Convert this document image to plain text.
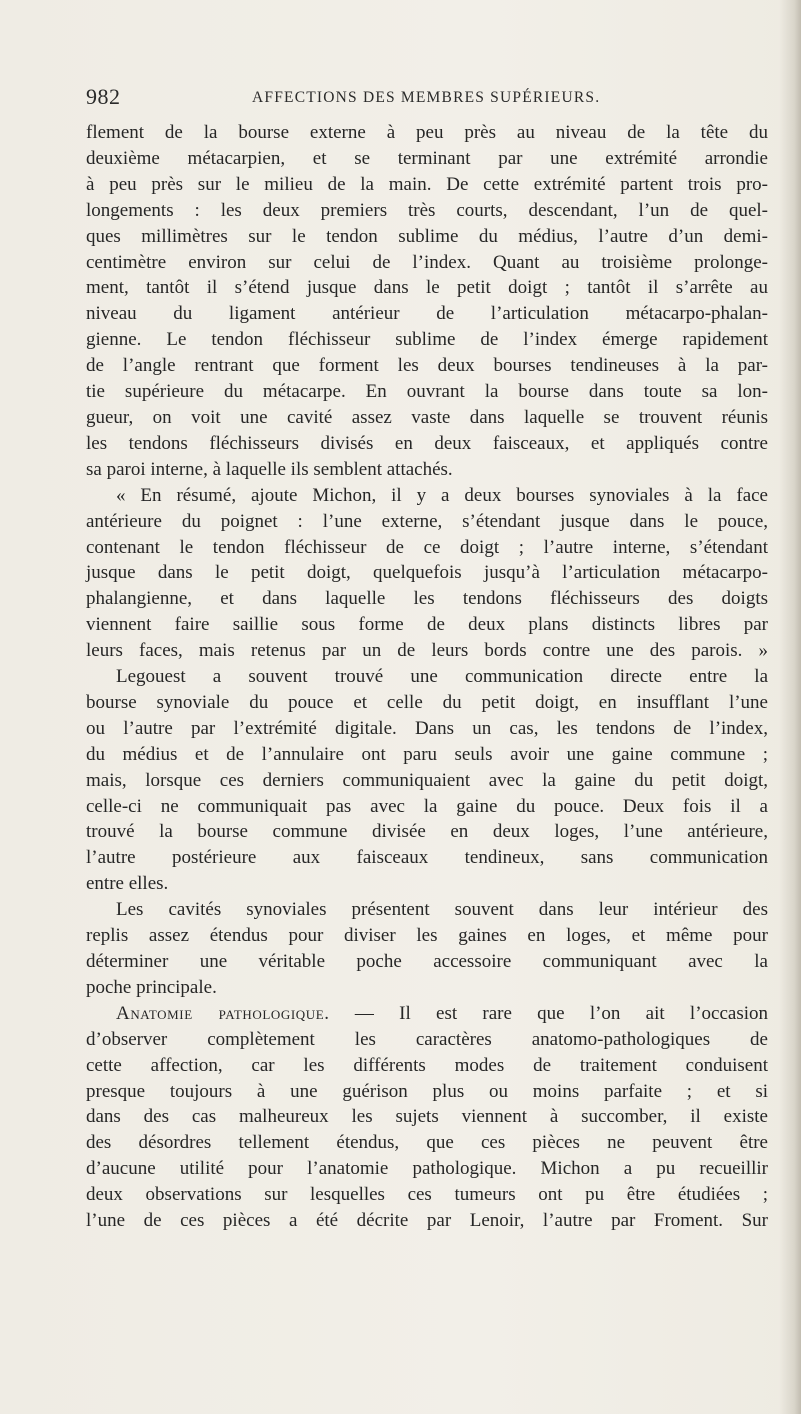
982	AFFECTIONS DES MEMBRES SUPÉRIEURS.

flement de la bourse externe à peu près au niveau de la tête du
deuxième métacarpien, et se terminant par une extrémité arrondie
à peu près sur le milieu de la main. De cette extrémité partent trois pro-
longements : les deux premiers très courts, descendant, l’un de quel-
ques millimètres sur le tendon sublime du médius, l’autre d’un demi-
centimètre environ sur celui de l’index. Quant au troisième prolonge-
ment, tantôt il s’étend jusque dans le petit doigt ; tantôt il s’arrête au
niveau du ligament antérieur de l’articulation métacarpo-phalan-
gienne. Le tendon fléchisseur sublime de l’index émerge rapidement
de l’angle rentrant que forment les deux bourses tendineuses à la par-
tie supérieure du métacarpe. En ouvrant la bourse dans toute sa lon-
gueur, on voit une cavité assez vaste dans laquelle se trouvent réunis
les tendons fléchisseurs divisés en deux faisceaux, et appliqués contre

sa paroi interne, à laquelle ils semblent attachés.

« En résumé, ajoute Michon, il y a deux bourses synoviales à la face
antérieure du poignet : l’une externe, s’étendant jusque dans le pouce,
contenant le tendon fléchisseur de ce doigt ; l’autre interne, s’étendant
jusque dans le petit doigt, quelquefois jusqu’à l’articulation métacarpo-
phalangienne, et dans laquelle les tendons fléchisseurs des doigts
viennent faire saillie sous forme de deux plans distincts libres par
leurs faces, mais retenus par un de leurs bords contre une des parois. »

Legouest a souvent trouvé une communication directe entre la
bourse synoviale du pouce et celle du petit doigt, en insufflant l’une
ou l’autre par l’extrémité digitale. Dans un cas, les tendons de l’index,
du médius et de l’annulaire ont paru seuls avoir une gaine commune ;
mais, lorsque ces derniers communiquaient avec la gaine du petit doigt,
celle-ci ne communiquait pas avec la gaine du pouce. Deux fois il a
trouvé la bourse commune divisée en deux loges, l’une antérieure,
l’autre postérieure aux faisceaux tendineux, sans communication

entre elles.

Les cavités synoviales présentent souvent dans leur intérieur des
replis assez étendus pour diviser les gaines en loges, et même pour
déterminer une véritable poche accessoire communiquant avec la

poche principale.

Anatomie pathologique. — Il est rare que l’on ait l’occasion
d’observer complètement les caractères anatomo-pathologiques de
cette affection, car les différents modes de traitement conduisent
presque toujours à une guérison plus ou moins parfaite ; et si
dans des cas malheureux les sujets viennent à succomber, il existe
des désordres tellement étendus, que ces pièces ne peuvent être
d’aucune utilité pour l’anatomie pathologique. Michon a pu recueillir
deux observations sur lesquelles ces tumeurs ont pu être étudiées ;
l’une de ces pièces a été décrite par Lenoir, l’autre par Froment. Sur
